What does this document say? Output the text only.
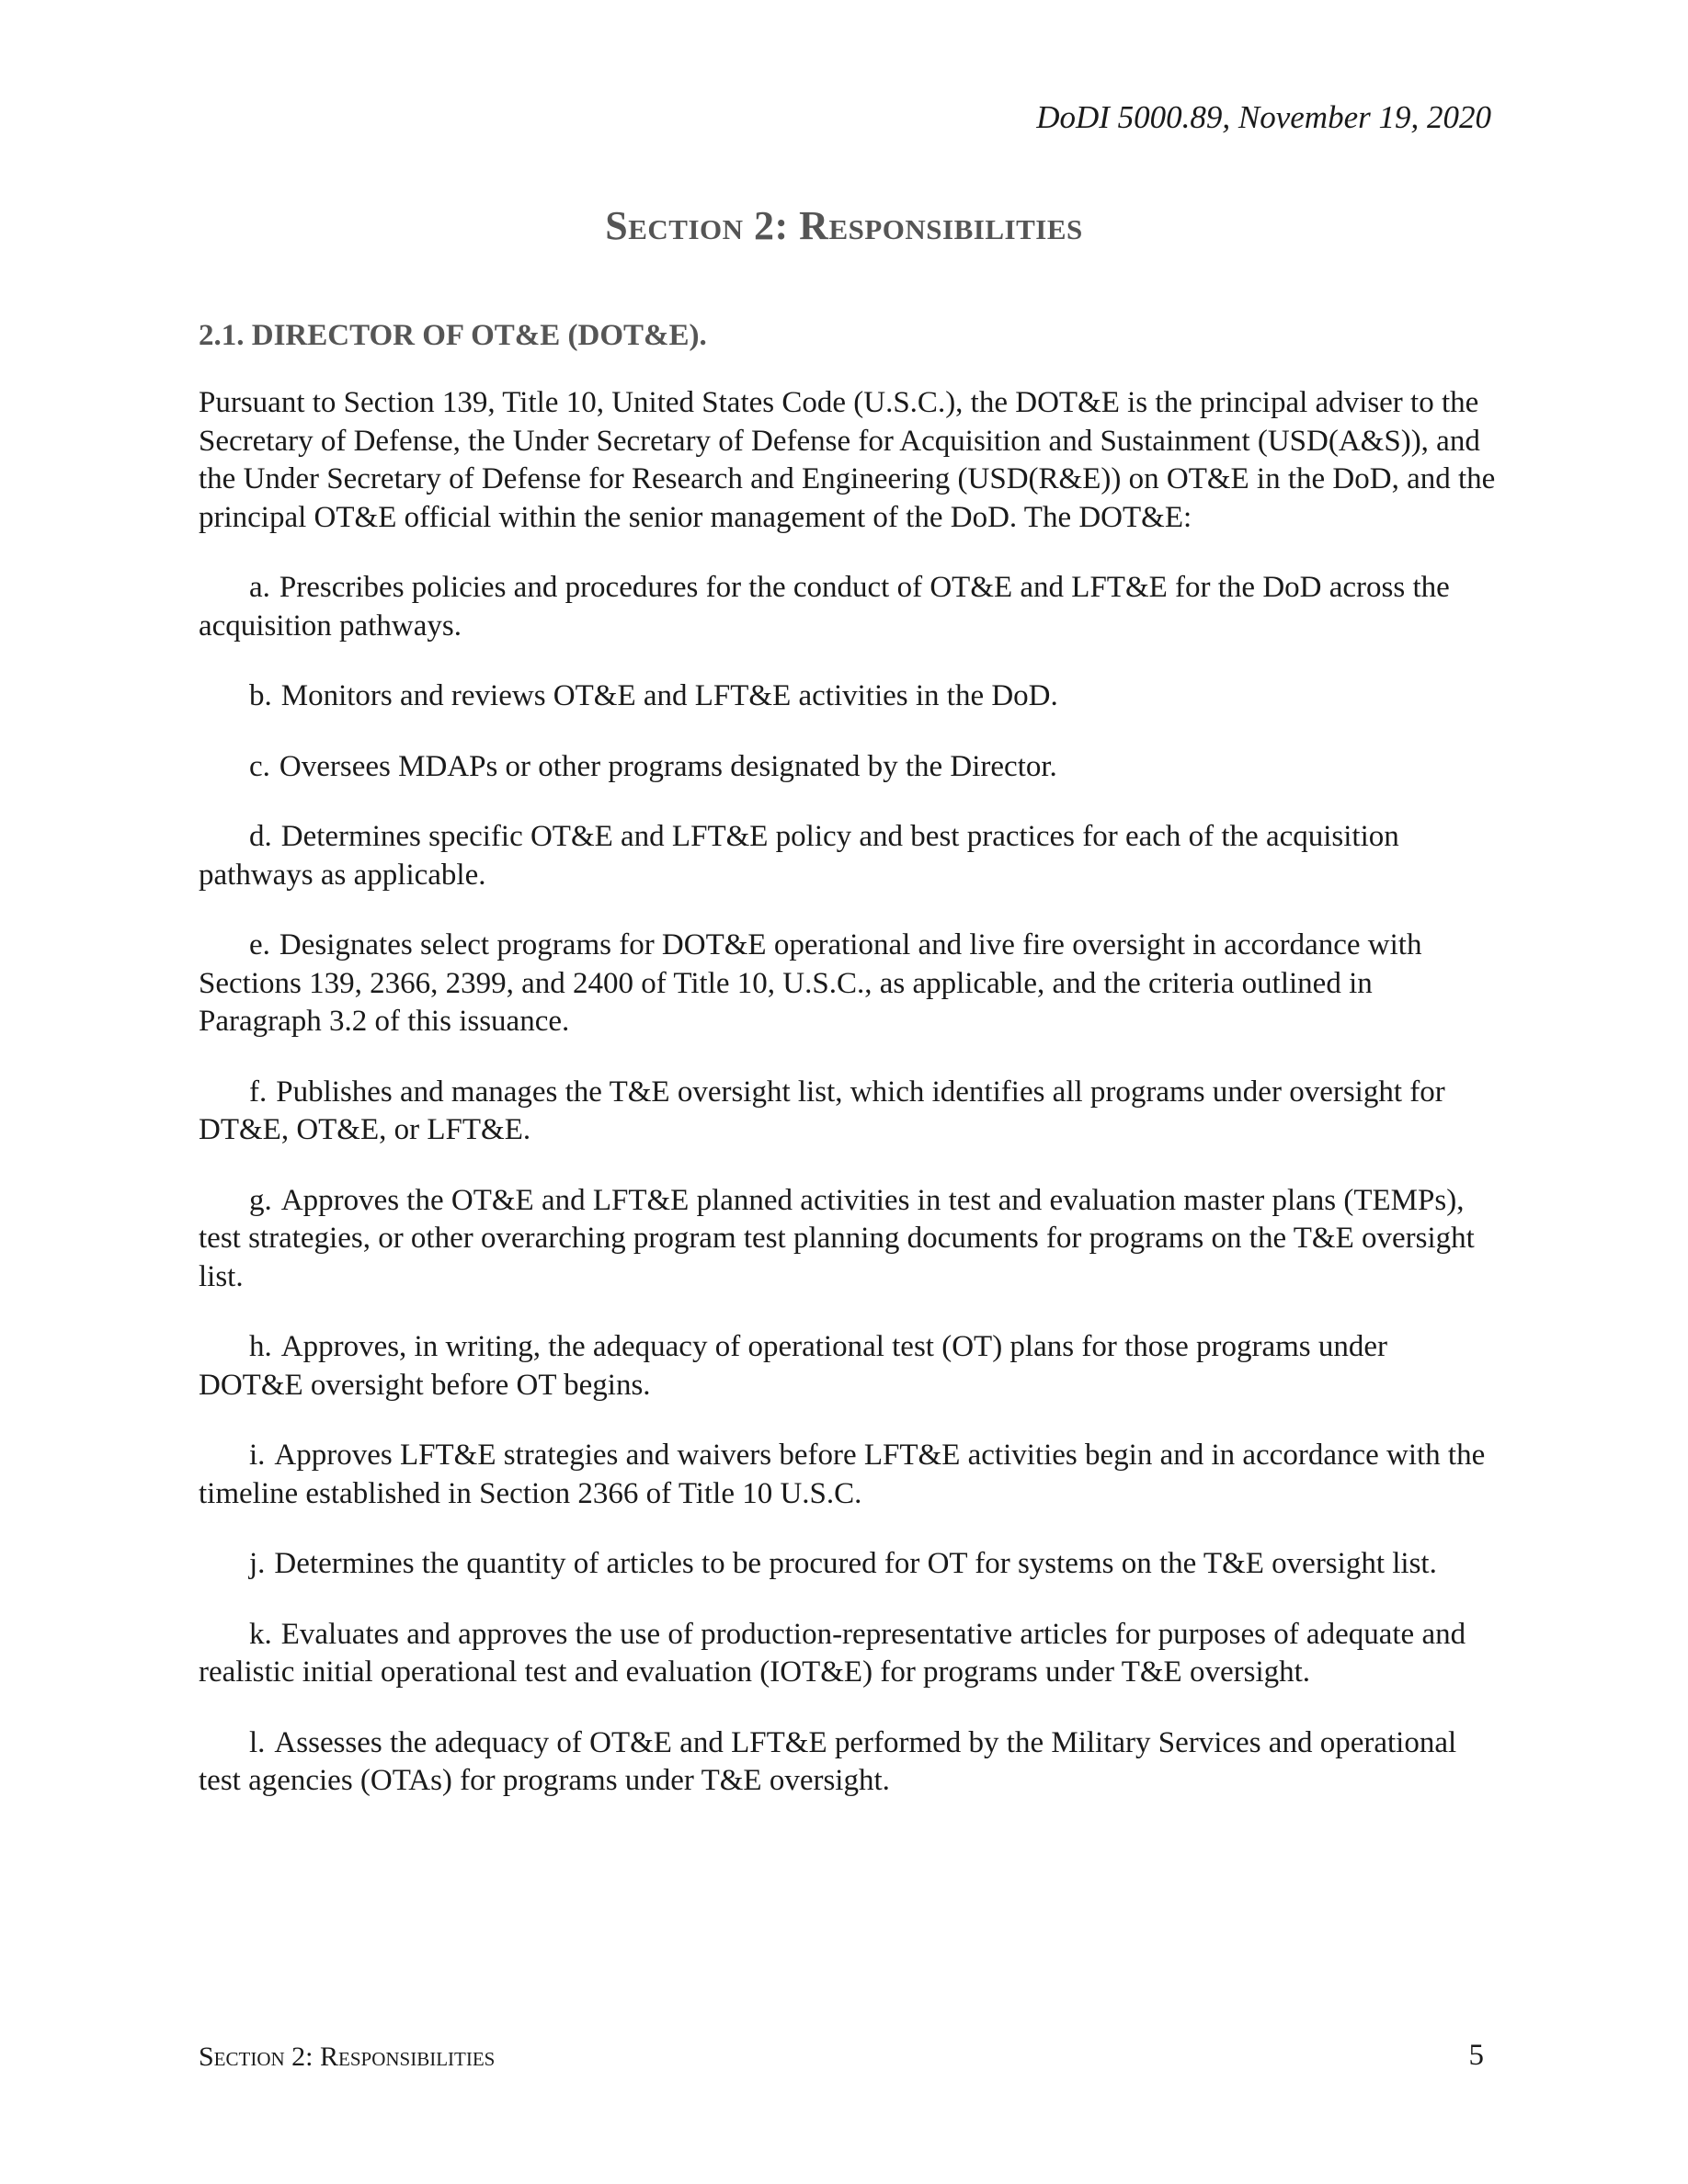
DoDI 5000.89, November 19, 2020
Section 2: Responsibilities
2.1. DIRECTOR OF OT&E (DOT&E).

Pursuant to Section 139, Title 10, United States Code (U.S.C.), the DOT&E is the principal adviser to the Secretary of Defense, the Under Secretary of Defense for Acquisition and Sustainment (USD(A&S)), and the Under Secretary of Defense for Research and Engineering (USD(R&E)) on OT&E in the DoD, and the principal OT&E official within the senior management of the DoD. The DOT&E:

a. Prescribes policies and procedures for the conduct of OT&E and LFT&E for the DoD across the acquisition pathways.

b. Monitors and reviews OT&E and LFT&E activities in the DoD.

c. Oversees MDAPs or other programs designated by the Director.

d. Determines specific OT&E and LFT&E policy and best practices for each of the acquisition pathways as applicable.

e. Designates select programs for DOT&E operational and live fire oversight in accordance with Sections 139, 2366, 2399, and 2400 of Title 10, U.S.C., as applicable, and the criteria outlined in Paragraph 3.2 of this issuance.

f. Publishes and manages the T&E oversight list, which identifies all programs under oversight for DT&E, OT&E, or LFT&E.

g. Approves the OT&E and LFT&E planned activities in test and evaluation master plans (TEMPs), test strategies, or other overarching program test planning documents for programs on the T&E oversight list.

h. Approves, in writing, the adequacy of operational test (OT) plans for those programs under DOT&E oversight before OT begins.

i. Approves LFT&E strategies and waivers before LFT&E activities begin and in accordance with the timeline established in Section 2366 of Title 10 U.S.C.

j. Determines the quantity of articles to be procured for OT for systems on the T&E oversight list.

k. Evaluates and approves the use of production-representative articles for purposes of adequate and realistic initial operational test and evaluation (IOT&E) for programs under T&E oversight.

l. Assesses the adequacy of OT&E and LFT&E performed by the Military Services and operational test agencies (OTAs) for programs under T&E oversight.

Section 2: Responsibilities	5
